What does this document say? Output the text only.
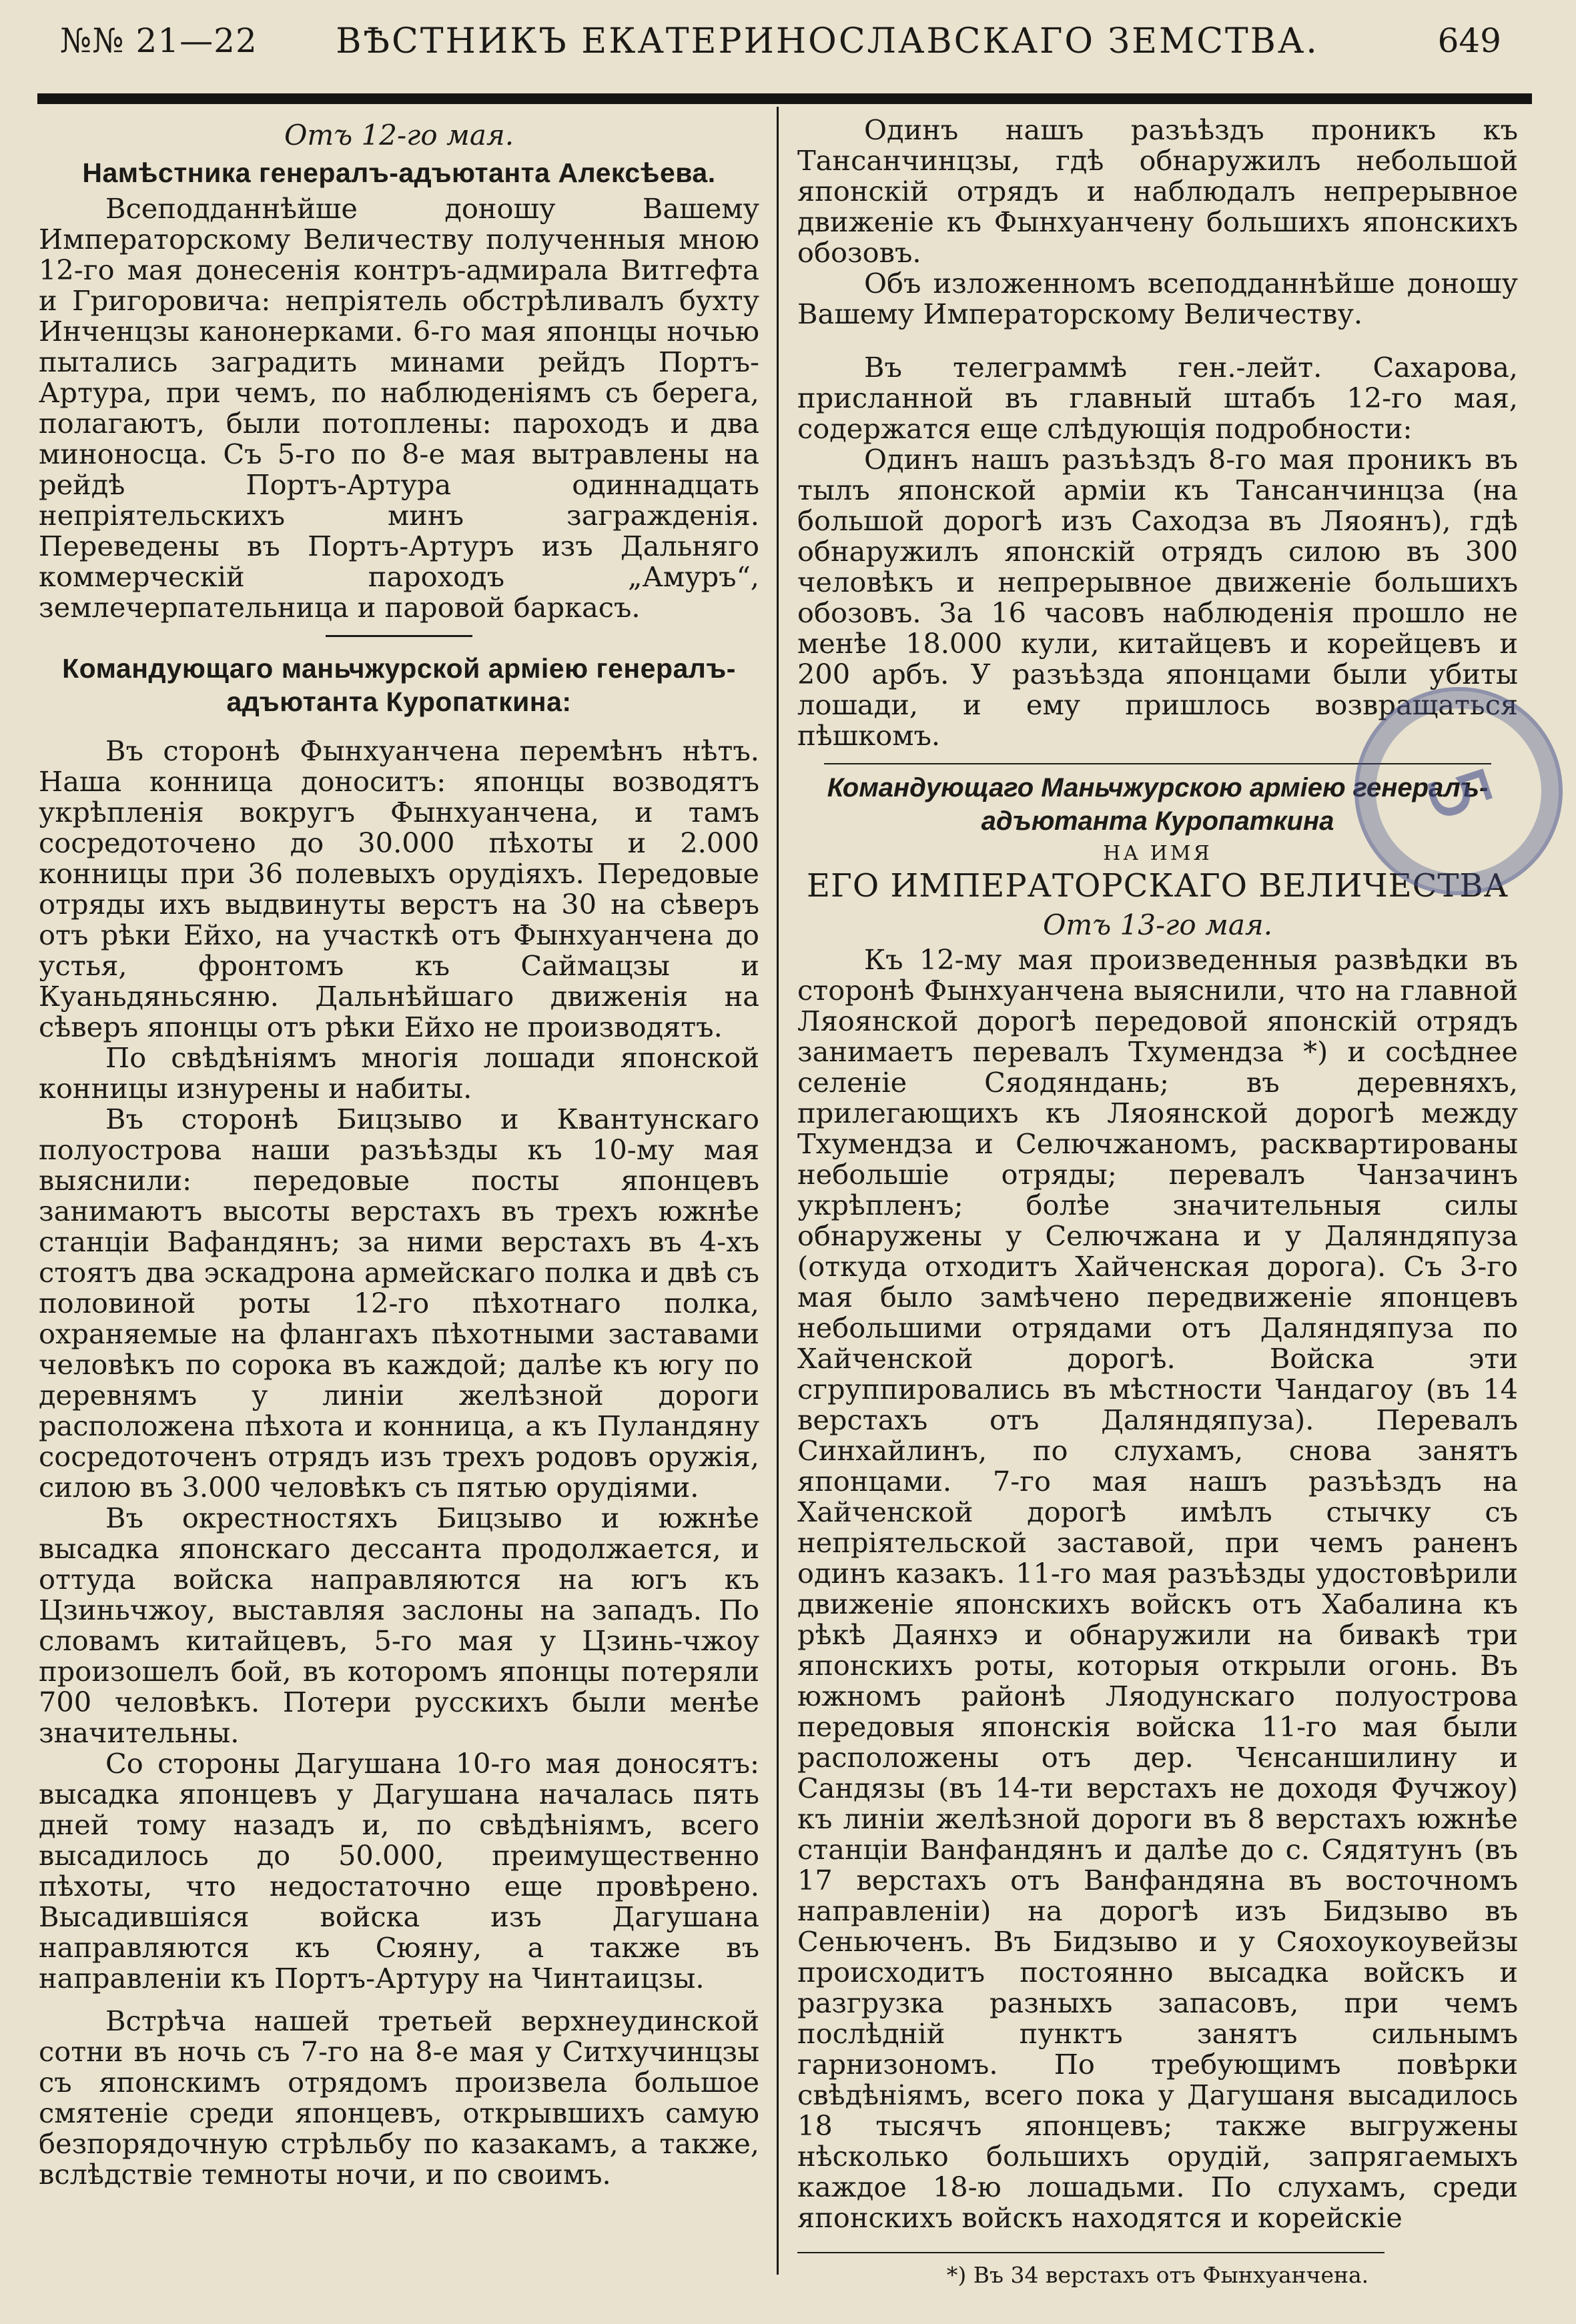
№№ 21—22 ВѢСТНИКЪ ЕКАТЕРИНОСЛАВСКАГО ЗЕМСТВА.	649
Отъ 12-го мая.
Намѣстника генералъ-адъютанта Алексѣева.

Всеподданнѣйше доношу Вашему Императорскому Величеству полученныя мною 12-го мая донесенія контръ-адмирала Витгефта и Григоровича: непріятель обстрѣливалъ бухту Инченцзы канонерками. 6-го мая японцы ночью пытались заградить минами рейдъ Портъ-Артура, при чемъ, по наблюденіямъ съ берега, полагаютъ, были потоплены: пароходъ и два миноносца. Съ 5-го по 8-е мая вытравлены на рейдѣ Портъ-Артура одиннадцать непріятельскихъ минъ загражденія. Переведены въ Портъ-Артуръ изъ Дальняго коммерческій пароходъ „Амуръ“, землечерпательница и паровой баркасъ.

Командующаго маньчжурской арміею генералъ-адъютанта Куропаткина:

Въ сторонѣ Фынхуанчена перемѣнъ нѣтъ. Наша конница доноситъ: японцы возводятъ укрѣпленія вокругъ Фынхуанчена, и тамъ сосредоточено до 30.000 пѣхоты и 2.000 конницы при 36 полевыхъ орудіяхъ. Передовые отряды ихъ выдвинуты верстъ на 30 на сѣверъ отъ рѣки Ейхо, на участкѣ отъ Фынхуанчена до устья, фронтомъ къ Саймацзы и Куаньдяньсяню. Дальнѣйшаго движенія на сѣверъ японцы отъ рѣки Ейхо не производятъ.

По свѣдѣніямъ многія лошади японской конницы изнурены и набиты.

Въ сторонѣ Бицзыво и Квантунскаго полуострова наши разъѣзды къ 10-му мая выяснили: передовые посты японцевъ занимаютъ высоты верстахъ въ трехъ южнѣе станціи Вафандянъ; за ними верстахъ въ 4-хъ стоятъ два эскадрона армейскаго полка и двѣ съ половиной роты 12-го пѣхотнаго полка, охраняемые на флангахъ пѣхотными заставами человѣкъ по сорока въ каждой; далѣе къ югу по деревнямъ у линіи желѣзной дороги расположена пѣхота и конница, а къ Пуландяну сосредоточенъ отрядъ изъ трехъ родовъ оружія, силою въ 3.000 человѣкъ съ пятью орудіями.

Въ окрестностяхъ Бицзыво и южнѣе высадка японскаго дессанта продолжается, и оттуда войска направляются на югъ къ Цзиньчжоу, выставляя заслоны на западъ. По словамъ китайцевъ, 5-го мая у Цзинь-чжоу произошелъ бой, въ которомъ японцы потеряли 700 человѣкъ. Потери русскихъ были менѣе значительны.

Со стороны Дагушана 10-го мая доносятъ: высадка японцевъ у Дагушана началась пять дней тому назадъ и, по свѣдѣніямъ, всего высадилось до 50.000, преимущественно пѣхоты, что недостаточно еще провѣрено. Высадившіяся войска изъ Дагушана направляются къ Сюяну, а также въ направленіи къ Портъ-Артуру на Чинтаицзы.

Встрѣча нашей третьей верхнеудинской сотни въ ночь съ 7-го на 8-е мая у Ситхучинцзы съ японскимъ отрядомъ произвела большое смятеніе среди японцевъ, открывшихъ самую безпорядочную стрѣльбу по казакамъ, а также, вслѣдствіе темноты ночи, и по своимъ.

Одинъ нашъ разъѣздъ проникъ къ Тансанчинцзы, гдѣ обнаружилъ небольшой японскій отрядъ и наблюдалъ непрерывное движеніе къ Фынхуанчену большихъ японскихъ обозовъ.

Объ изложенномъ всеподданнѣйше доношу Вашему Императорскому Величеству.

Въ телеграммѣ ген.-лейт. Сахарова, присланной въ главный штабъ 12-го мая, содержатся еще слѣдующія подробности:

Одинъ нашъ разъѣздъ 8-го мая проникъ въ тылъ японской арміи къ Тансанчинцза (на большой дорогѣ изъ Саходза въ Ляоянъ), гдѣ обнаружилъ японскій отрядъ силою въ 300 человѣкъ и непрерывное движеніе большихъ обозовъ. За 16 часовъ наблюденія прошло не менѣе 18.000 кули, китайцевъ и корейцевъ и 200 арбъ. У разъѣзда японцами были убиты лошади, и ему пришлось возвращаться пѣшкомъ.

Командующаго Маньчжурскою арміею генералъ-адъютанта Куропаткина
НА ИМЯ
ЕГО ИМПЕРАТОРСКАГО ВЕЛИЧЕСТВА
Отъ 13-го мая.

Къ 12-му мая произведенныя развѣдки въ сторонѣ Фынхуанчена выяснили, что на главной Ляоянской дорогѣ передовой японскій отрядъ занимаетъ перевалъ Тхумендза *) и сосѣднее селеніе Сяодяндань; въ деревняхъ, прилегающихъ къ Ляоянской дорогѣ между Тхумендза и Селючжаномъ, расквартированы небольшіе отряды; перевалъ Чанзачинъ укрѣпленъ; болѣе значительныя силы обнаружены у Селючжана и у Даляндяпуза (откуда отходитъ Хайченская дорога). Съ 3-го мая было замѣчено передвиженіе японцевъ небольшими отрядами отъ Даляндяпуза по Хайченской дорогѣ. Войска эти сгруппировались въ мѣстности Чандагоу (въ 14 верстахъ отъ Даляндяпуза). Перевалъ Синхайлинъ, по слухамъ, снова занятъ японцами. 7-го мая нашъ разъѣздъ на Хайченской дорогѣ имѣлъ стычку съ непріятельской заставой, при чемъ раненъ одинъ казакъ. 11-го мая разъѣзды удостовѣрили движеніе японскихъ войскъ отъ Хабалина къ рѣкѣ Даянхэ и обнаружили на бивакѣ три японскихъ роты, которыя открыли огонь. Въ южномъ районѣ Ляодунскаго полуострова передовыя японскія войска 11-го мая были расположены отъ дер. Чєнсаншилину и Сандязы (въ 14-ти верстахъ не доходя Фучжоу) къ линіи желѣзной дороги въ 8 верстахъ южнѣе станціи Ванфандянъ и далѣе до с. Сядятунъ (въ 17 верстахъ отъ Ванфандяна въ восточномъ направленіи) на дорогѣ изъ Бидзыво въ Сеньюченъ. Въ Бидзыво и у Сяохоукоувейзы происходитъ постоянно высадка войскъ и разгрузка разныхъ запасовъ, при чемъ послѣдній пунктъ занятъ сильнымъ гарнизономъ. По требующимъ повѣрки свѣдѣніямъ, всего пока у Дагушаня высадилось 18 тысячъ японцевъ; также выгружены нѣсколько большихъ орудій, запрягаемыхъ каждое 18-ю лошадьми. По слухамъ, среди японскихъ войскъ находятся и корейскіе

*) Въ 34 верстахъ отъ Фынхуанчена.
5
